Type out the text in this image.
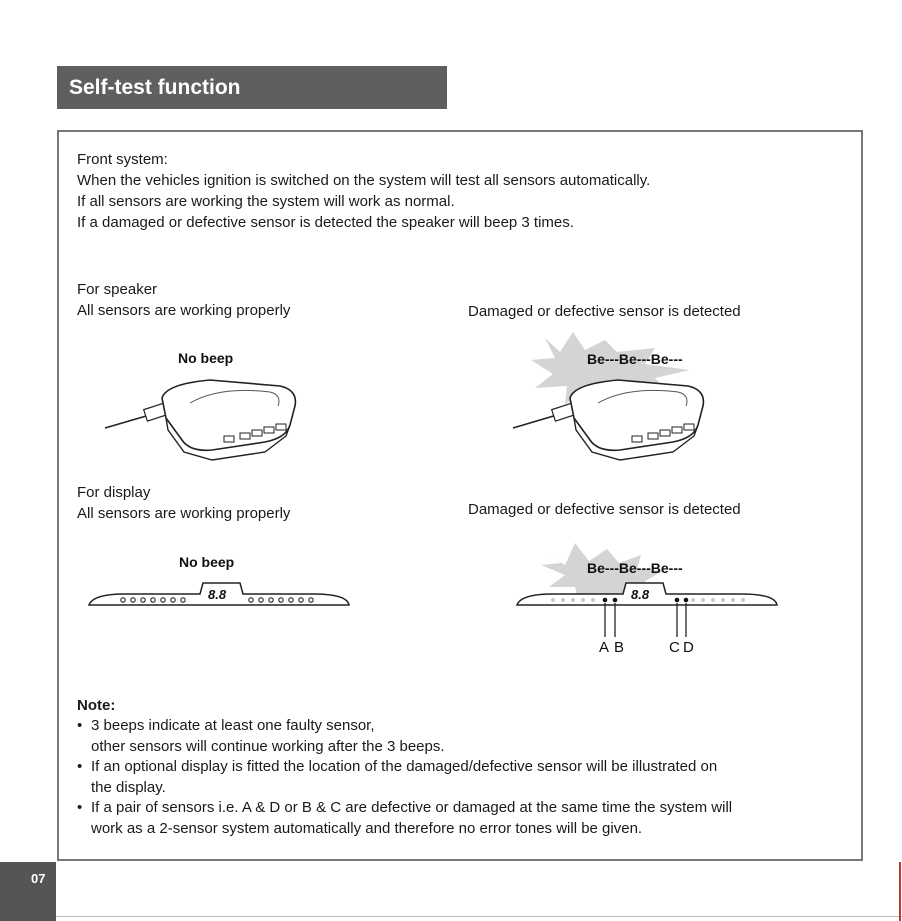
Self-test function
Front system:
When the vehicles ignition is switched on the system will test all sensors automatically.
If all sensors are working the system will work as normal.
If a damaged or defective sensor is detected the speaker will beep 3 times.
For speaker
All sensors are working properly	Damaged or defective sensor is detected
No beep	Be---Be---Be---
For display
All sensors are working properly	Damaged or defective sensor is detected
No beep
8.8
Be---Be---Be---
8.8
A B	C D
Note:
• 3 beeps indicate at least one faulty sensor,
other sensors will continue working after the 3 beeps.
• If an optional display is fitted the location of the damaged/defective sensor will be illustrated on
the display.
• If a pair of sensors i.e. A & D or B & C are defective or damaged at the same time the system will
work as a 2-sensor system automatically and therefore no error tones will be given.
07
